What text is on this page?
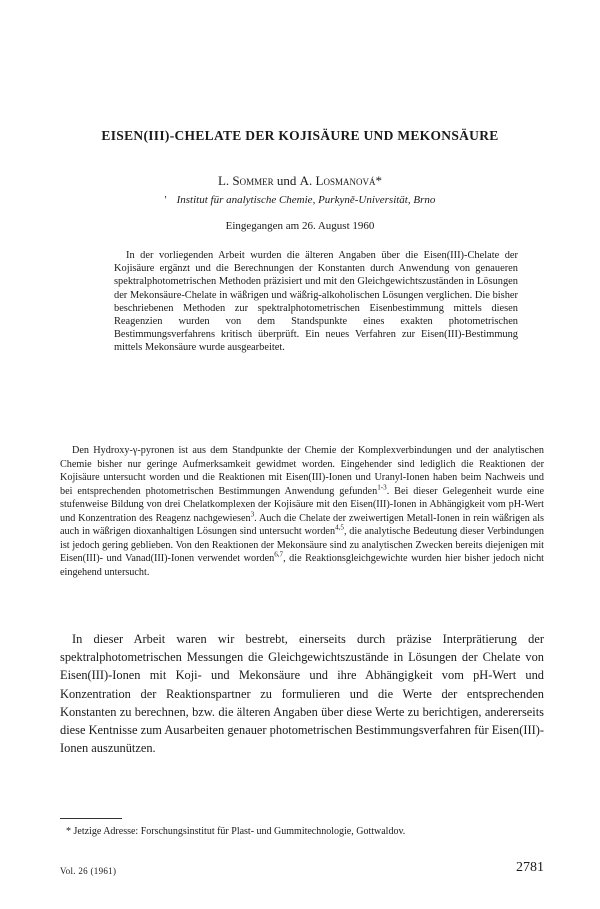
EISEN(III)-CHELATE DER KOJISÄURE UND MEKONSÄURE
L. Sommer und A. Losmanová*
' Institut für analytische Chemie, Purkyně-Universität, Brno
Eingegangen am 26. August 1960
In der vorliegenden Arbeit wurden die älteren Angaben über die Eisen(III)-Chelate der Kojisäure ergänzt und die Berechnungen der Konstanten durch Anwendung von genaueren spektralphotometrischen Methoden präzisiert und mit den Gleichgewichtszuständen in Lösungen der Mekonsäure-Chelate in wäßrigen und wäßrig-alkoholischen Lösungen verglichen. Die bisher beschriebenen Methoden zur spektralphotometrischen Eisenbestimmung mittels diesen Reagenzien wurden von dem Standspunkte eines exakten photometrischen Bestimmungsverfahrens kritisch überprüft. Ein neues Verfahren zur Eisen(III)-Bestimmung mittels Mekonsäure wurde ausgearbeitet.
Den Hydroxy-γ-pyronen ist aus dem Standpunkte der Chemie der Komplexverbindungen und der analytischen Chemie bisher nur geringe Aufmerksamkeit gewidmet worden. Eingehender sind lediglich die Reaktionen der Kojisäure untersucht worden und die Reaktionen mit Eisen(III)-Ionen und Uranyl-Ionen haben beim Nachweis und bei entsprechenden photometrischen Bestimmungen Anwendung gefunden$^{1-3}$. Bei dieser Gelegenheit wurde eine stufenweise Bildung von drei Chelatkomplexen der Kojisäure mit den Eisen(III)-Ionen in Abhängigkeit vom pH-Wert und Konzentration des Reagenz nachgewiesen$^3$. Auch die Chelate der zweiwertigen Metall-Ionen in rein wäßrigen als auch in wäßrigen dioxanhaltigen Lösungen sind untersucht worden$^{4,5}$, die analytische Bedeutung dieser Verbindungen ist jedoch gering geblieben. Von den Reaktionen der Mekonsäure sind zu analytischen Zwecken bereits diejenigen mit Eisen(III)- und Vanad(III)-Ionen verwendet worden$^{6,7}$, die Reaktionsgleichgewichte wurden hier bisher jedoch nicht eingehend untersucht.
In dieser Arbeit waren wir bestrebt, einerseits durch präzise Interprätierung der spektralphotometrischen Messungen die Gleichgewichtszustände in Lösungen der Chelate von Eisen(III)-Ionen mit Koji- und Mekonsäure und ihre Abhängigkeit vom pH-Wert und Konzentration der Reaktionspartner zu formulieren und die Werte der entsprechenden Konstanten zu berechnen, bzw. die älteren Angaben über diese Werte zu berichtigen, andererseits diese Kentnisse zum Ausarbeiten genauer photometrischen Bestimmungsverfahren für Eisen(III)-Ionen auszunützen.
* Jetzige Adresse: Forschungsinstitut für Plast- und Gummitechnologie, Gottwaldov.
Vol. 26 (1961)	2781
